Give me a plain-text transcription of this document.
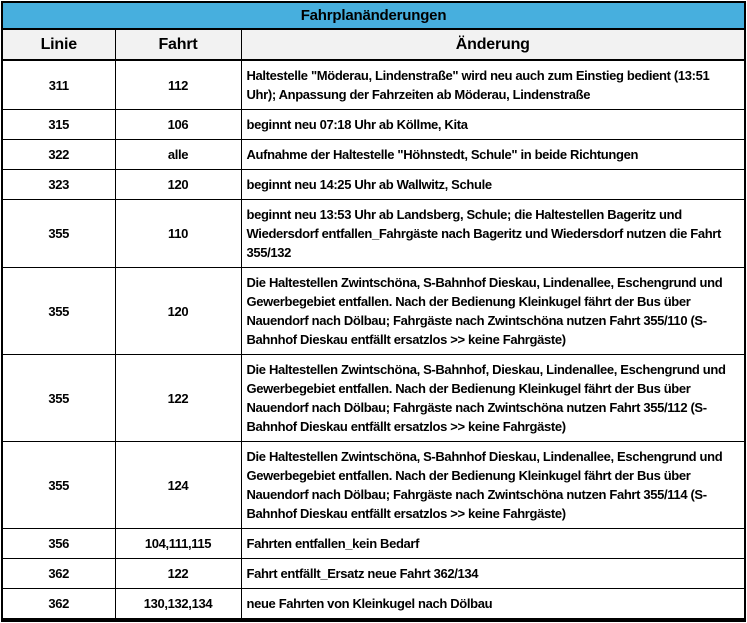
Fahrplanänderungen		
Linie	Fahrt	Änderung
311	112	Haltestelle "Möderau, Lindenstraße" wird neu auch zum Einstieg bedient (13:51 Uhr); Anpassung der Fahrzeiten ab Möderau, Lindenstraße
315	106	beginnt neu 07:18 Uhr ab Köllme, Kita
322	alle	Aufnahme der Haltestelle "Höhnstedt, Schule" in beide Richtungen
323	120	beginnt neu 14:25 Uhr ab Wallwitz, Schule
355	110	beginnt neu 13:53 Uhr ab Landsberg, Schule; die Haltestellen Bageritz und Wiedersdorf entfallen_Fahrgäste nach Bageritz und Wiedersdorf nutzen die Fahrt 355/132
355	120	Die Haltestellen Zwintschöna, S-Bahnhof Dieskau, Lindenallee, Eschengrund und Gewerbegebiet entfallen. Nach der Bedienung Kleinkugel fährt der Bus über Nauendorf nach Dölbau; Fahrgäste nach Zwintschöna nutzen Fahrt 355/110 (S-Bahnhof Dieskau entfällt ersatzlos >> keine Fahrgäste)
355	122	Die Haltestellen Zwintschöna, S-Bahnhof, Dieskau, Lindenallee, Eschengrund und Gewerbegebiet entfallen. Nach der Bedienung Kleinkugel fährt der Bus über Nauendorf nach Dölbau; Fahrgäste nach Zwintschöna nutzen Fahrt 355/112 (S-Bahnhof Dieskau entfällt ersatzlos >> keine Fahrgäste)
355	124	Die Haltestellen Zwintschöna, S-Bahnhof Dieskau, Lindenallee, Eschengrund und Gewerbegebiet entfallen. Nach der Bedienung Kleinkugel fährt der Bus über Nauendorf nach Dölbau; Fahrgäste nach Zwintschöna nutzen Fahrt 355/114 (S-Bahnhof Dieskau entfällt ersatzlos >> keine Fahrgäste)
356	104,111,115	Fahrten entfallen_kein Bedarf
362	122	Fahrt entfällt_Ersatz neue Fahrt 362/134
362	130,132,134	neue Fahrten von Kleinkugel nach Dölbau
